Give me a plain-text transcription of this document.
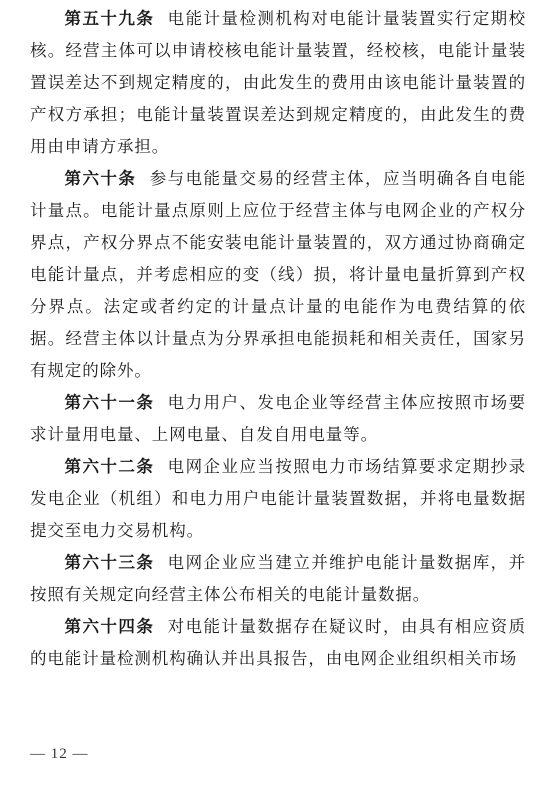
第五十九条 电能计量检测机构对电能计量装置实行定期校核。经营主体可以申请校核电能计量装置，经校核，电能计量装置误差达不到规定精度的，由此发生的费用由该电能计量装置的产权方承担；电能计量装置误差达到规定精度的，由此发生的费用由申请方承担。

第六十条 参与电能量交易的经营主体，应当明确各自电能计量点。电能计量点原则上应位于经营主体与电网企业的产权分界点，产权分界点不能安装电能计量装置的，双方通过协商确定电能计量点，并考虑相应的变（线）损，将计量电量折算到产权分界点。法定或者约定的计量点计量的电能作为电费结算的依据。经营主体以计量点为分界承担电能损耗和相关责任，国家另有规定的除外。

第六十一条 电力用户、发电企业等经营主体应按照市场要求计量用电量、上网电量、自发自用电量等。

第六十二条 电网企业应当按照电力市场结算要求定期抄录发电企业（机组）和电力用户电能计量装置数据，并将电量数据提交至电力交易机构。

第六十三条 电网企业应当建立并维护电能计量数据库，并按照有关规定向经营主体公布相关的电能计量数据。

第六十四条 对电能计量数据存在疑议时，由具有相应资质的电能计量检测机构确认并出具报告，由电网企业组织相关市场

— 12 —
